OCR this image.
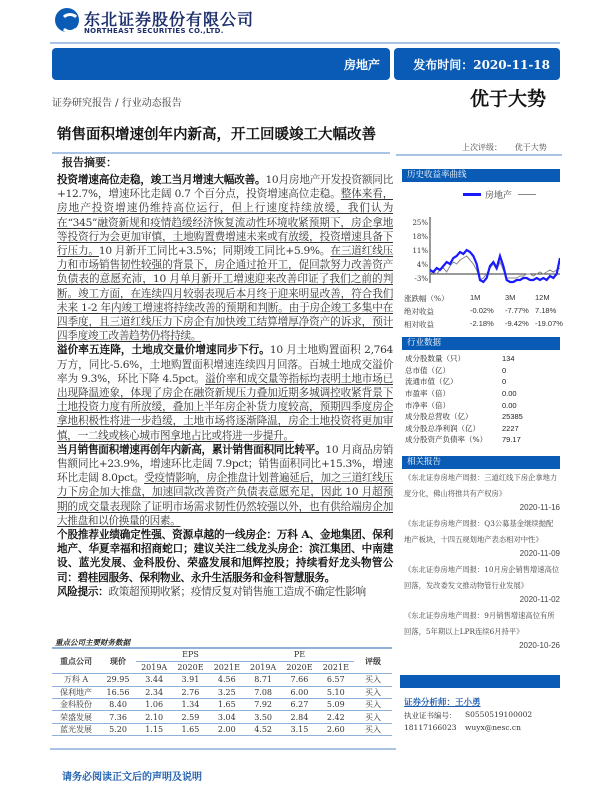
东北证券股份有限公司
NORTHEAST SECURITIES CO.,LTD.
房地产	发布时间：2020-11-18
证券研究报告 / 行业动态报告	优于大势
上次评级： 优于大势
销售面积增速创年内新高，开工回暖竣工大幅改善
报告摘要：
投资增速高位走稳，竣工当月增速大幅改善。10月房地产开发投资额同比+12.7%，增速环比走阔 0.7 个百分点，投资增速高位走稳。整体来看，房地产投资增速仍维持高位运行，但上行速度持续放缓，我们认为在“345”融资新规和疫情趋缓经济恢复流动性环境收紧预期下，房企拿地等投资行为会更加审慎，土地购置费增速未来或有放缓，投资增速具备下行压力。10 月新开工同比+3.5%；同期竣工同比+5.9%。在三道红线压力和市场销售韧性较强的背景下，房企通过抢开工，促回款努力改善资产负债表的意愿充沛，10 月单月新开工增速迎来改善印证了我们之前的判断。竣工方面，在连续四月较弱表现后本月终于迎来明显改善，符合我们未来 1-2 年内竣工增速将持续改善的预期和判断。由于房企竣工多集中在四季度，且三道红线压力下房企有加快竣工结算增厚净资产的诉求，预计四季度竣工改善趋势仍将持续。
溢价率五连降，土地成交量价增速同步下行。10 月土地购置面积 2,764 万方，同比-5.6%，土地购置面积增速连续四月回落。百城土地成交溢价率为 9.3%，环比下降 4.5pct。溢价率和成交量等指标均表明土地市场已出现降温迹象，体现了房企在融资新规压力叠加近期多城调控收紧背景下土地投资力度有所放缓，叠加上半年房企补货力度较高，预期四季度房企拿地积极性将进一步趋缓，土地市场将逐渐降温，房企土地投资将更加审慎，一二线或核心城市图拿地占比或将进一步提升。
当月销售面积增速再创年内新高，累计销售面积同比转平。10 月商品房销售额同比+23.9%，增速环比走阔 7.9pct；销售面积同比+15.3%，增速环比走阔 8.0pct。受疫情影响，房企推盘计划普遍延后，加之三道红线压力下房企加大推盘，加速回款改善资产负债表意愿充足，因此 10 月超预期的成交量表现除了证明市场需求韧性仍然较强以外，也有供给端房企加大推盘和以价换量的因素。
个股推荐业绩确定性强、资源卓越的一线房企：万科 A、金地集团、保利地产、华夏幸福和招商蛇口；建议关注二线龙头房企：滨江集团、中南建设、蓝光发展、金科股份、荣盛发展和旭辉控股；持续看好龙头物管公司：碧桂园服务、保利物业、永升生活服务和金科智慧服务。
风险提示：政策超预期收紧；疫情反复对销售施工造成不确定性影响
历史收益率曲线
房地产
25%
18%
11%
4%
-3%
涨跌幅（%）	1M	3M	12M
绝对收益	-0.02% -7.77% 7.18%
相对收益	-2.18% -9.42% -19.07%
行业数据
成分股数量（只）	134
总市值（亿）	0
流通市值（亿）	0
市盈率（倍）	0.00
市净率（倍）	0.00
成分股总营收（亿）	25385
成分股总净利润（亿）	2227
成分股资产负债率（%）	79.17
相关报告
《东北证券房地产周报：三道红线下房企拿地力度分化，佛山将推共有产权房》
2020-11-16
《东北证券房地产周报：Q3公募基金继续抛配地产板块，十四五规划地产表态相对中性》
2020-11-09
《东北证券房地产周报：10月房企销售增速高位回落，发改委发文推动物管行业发展》
2020-11-02
《东北证券房地产周报：9月销售增速高位有所回落，5年期以上LPR连续6月持平》
2020-10-26
证券分析师：王小勇
执业证书编号： S0550519100002
18117166023 wuyx@nesc.cn
重点公司主要财务数据
重点公司	现价	EPS			PE			评级
		2019A	2020E	2021E	2019A	2020E	2021E	
万科 A	29.95	3.44	3.91	4.56	8.71	7.66	6.57	买入
保利地产	16.56	2.34	2.76	3.25	7.08	6.00	5.10	买入
金科股份	8.40	1.06	1.34	1.65	7.92	6.27	5.09	买入
荣盛发展	7.36	2.10	2.59	3.04	3.50	2.84	2.42	买入
蓝光发展	5.20	1.15	1.65	2.00	4.52	3.15	2.60	买入
请务必阅读正文后的声明及说明
